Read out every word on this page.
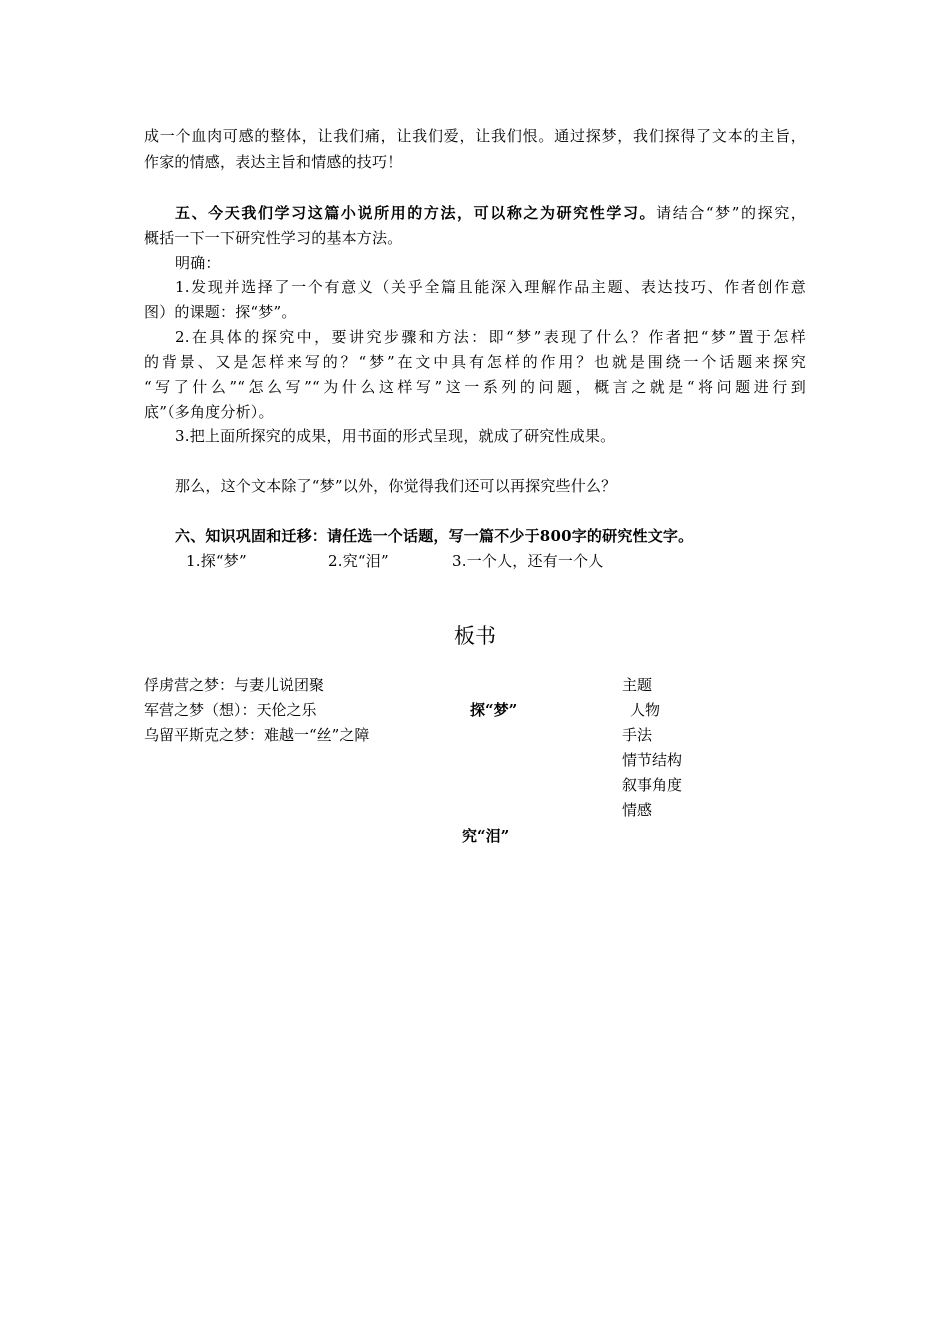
成一个血肉可感的整体，让我们痛，让我们爱，让我们恨。通过探梦，我们探得了文本的主旨，
作家的情感，表达主旨和情感的技巧！
五、今天我们学习这篇小说所用的方法，可以称之为研究性学习。请结合“梦”的探究，
概括一下一下研究性学习的基本方法。
明确：
1.发现并选择了一个有意义（关乎全篇且能深入理解作品主题、表达技巧、作者创作意
图）的课题：探“梦”。
2.在具体的探究中，要讲究步骤和方法：即“梦”表现了什么？作者把“梦”置于怎样
的背景、又是怎样来写的？“梦”在文中具有怎样的作用？也就是围绕一个话题来探究
“写了什么”“怎么写”“为什么这样写”这一系列的问题，概言之就是“将问题进行到
底”（多角度分析）。
3.把上面所探究的成果，用书面的形式呈现，就成了研究性成果。
那么，这个文本除了“梦”以外，你觉得我们还可以再探究些什么？
六、知识巩固和迁移：请任选一个话题，写一篇不少于800字的研究性文字。
1.探“梦”	2.究“泪”	3.一个人，还有一个人
板书
俘虏营之梦：与妻儿说团聚
军营之梦（想）：天伦之乐
乌留平斯克之梦：难越一“丝”之障
探“梦”
主题
人物
手法
情节结构
叙事角度
情感
究“泪”
